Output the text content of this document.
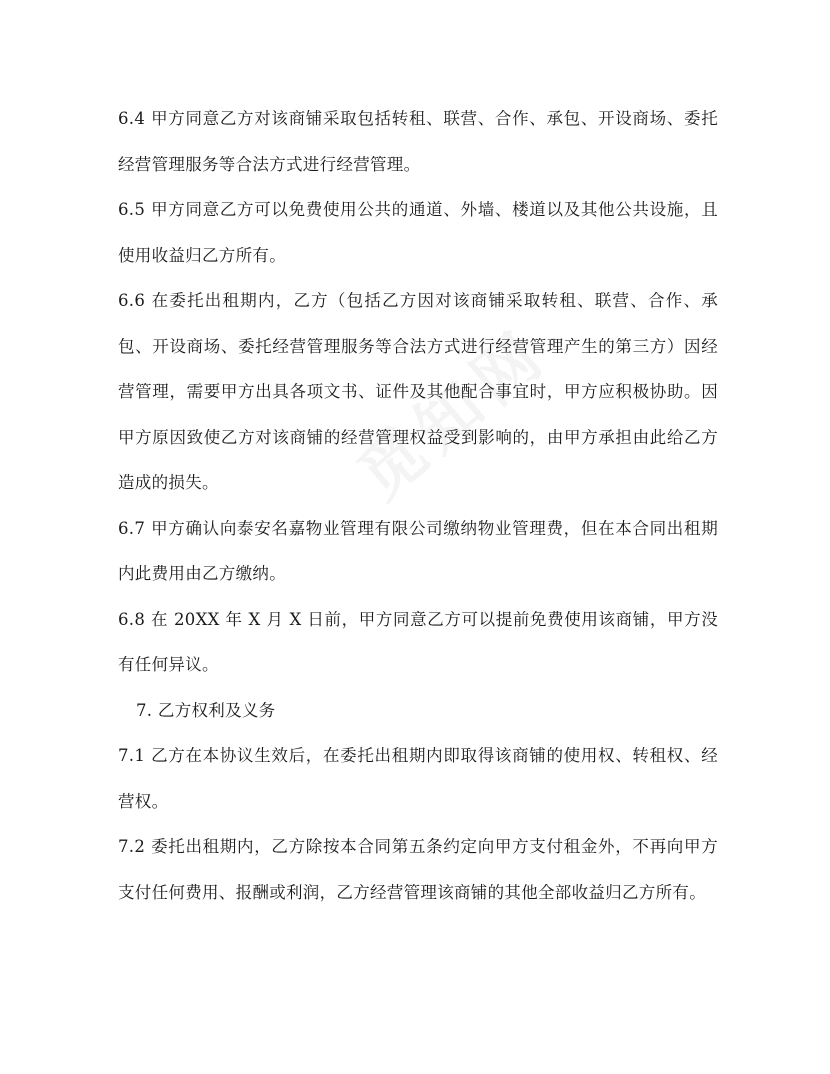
6.4 甲方同意乙方对该商铺采取包括转租、联营、合作、承包、开设商场、委托经营管理服务等合法方式进行经营管理。

6.5 甲方同意乙方可以免费使用公共的通道、外墙、楼道以及其他公共设施，且使用收益归乙方所有。

6.6 在委托出租期内，乙方（包括乙方因对该商铺采取转租、联营、合作、承包、开设商场、委托经营管理服务等合法方式进行经营管理产生的第三方）因经营管理，需要甲方出具各项文书、证件及其他配合事宜时，甲方应积极协助。因甲方原因致使乙方对该商铺的经营管理权益受到影响的，由甲方承担由此给乙方造成的损失。

6.7 甲方确认向泰安名嘉物业管理有限公司缴纳物业管理费，但在本合同出租期内此费用由乙方缴纳。

6.8 在 20XX 年 X 月 X 日前，甲方同意乙方可以提前免费使用该商铺，甲方没有任何异议。

7. 乙方权利及义务

7.1 乙方在本协议生效后，在委托出租期内即取得该商铺的使用权、转租权、经营权。

7.2 委托出租期内，乙方除按本合同第五条约定向甲方支付租金外，不再向甲方支付任何费用、报酬或利润，乙方经营管理该商铺的其他全部收益归乙方所有。
